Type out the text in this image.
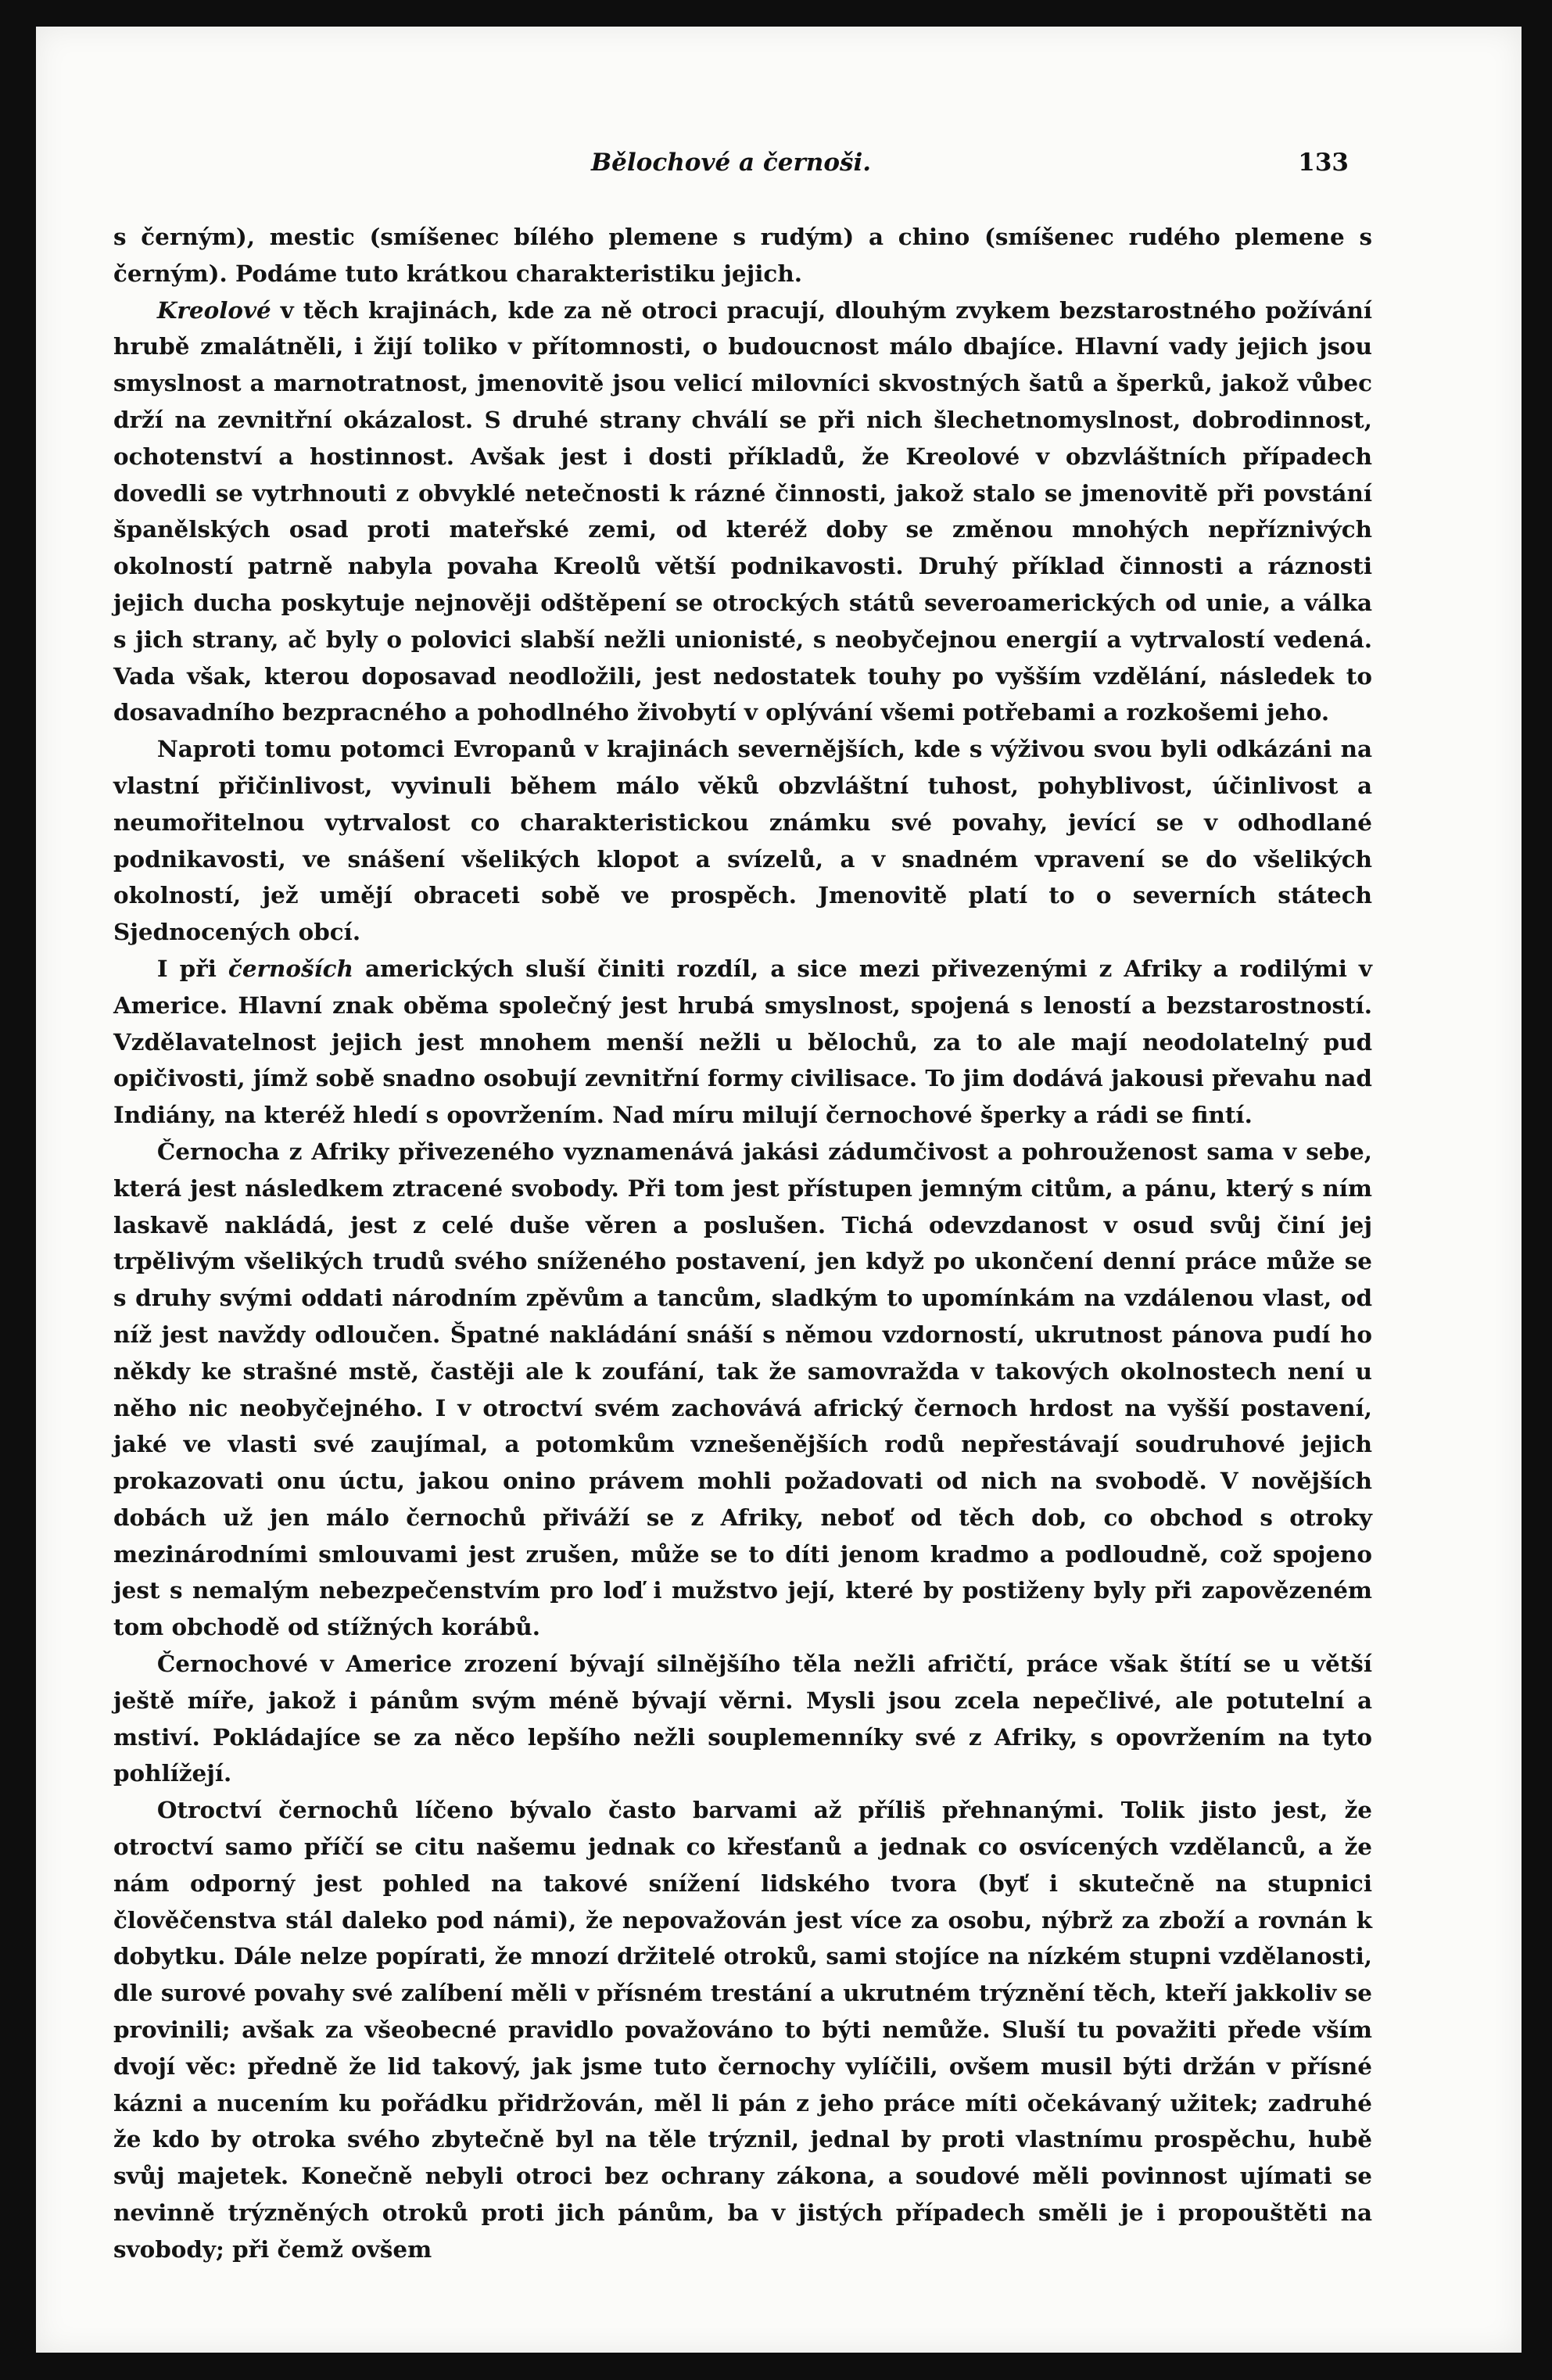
Bělochové a černoši.	133

s černým), mestic (smíšenec bílého plemene s rudým) a chino (smíšenec rudého plemene s černým). Podáme tuto krátkou charakteristiku jejich.

Kreolové v těch krajinách, kde za ně otroci pracují, dlouhým zvykem bezstarostného požívání hrubě zmalátněli, i žijí toliko v přítomnosti, o budoucnost málo dbajíce. Hlavní vady jejich jsou smyslnost a marnotratnost, jmenovitě jsou velicí milovníci skvostných šatů a šperků, jakož vůbec drží na zevnitřní okázalost. S druhé strany chválí se při nich šlechetnomyslnost, dobrodinnost, ochotenství a hostinnost. Avšak jest i dosti příkladů, že Kreolové v obzvláštních případech dovedli se vytrhnouti z obvyklé netečnosti k rázné činnosti, jakož stalo se jmenovitě při povstání španělských osad proti mateřské zemi, od kteréž doby se změnou mnohých nepříznivých okolností patrně nabyla povaha Kreolů větší podnikavosti. Druhý příklad činnosti a ráznosti jejich ducha poskytuje nejnověji odštěpení se otrockých států severoamerických od unie, a válka s jich strany, ač byly o polovici slabší nežli unionisté, s neobyčejnou energií a vytrvalostí vedená. Vada však, kterou doposavad neodložili, jest nedostatek touhy po vyšším vzdělání, následek to dosavadního bezpracného a pohodlného živobytí v oplývání všemi potřebami a rozkošemi jeho.

Naproti tomu potomci Evropanů v krajinách severnějších, kde s výživou svou byli odkázáni na vlastní přičinlivost, vyvinuli během málo věků obzvláštní tuhost, pohyblivost, účinlivost a neumořitelnou vytrvalost co charakteristickou známku své povahy, jevící se v odhodlané podnikavosti, ve snášení všelikých klopot a svízelů, a v snadném vpravení se do všelikých okolností, jež umějí obraceti sobě ve prospěch. Jmenovitě platí to o severních státech Sjednocených obcí.

I při černoších amerických sluší činiti rozdíl, a sice mezi přivezenými z Afriky a rodilými v Americe. Hlavní znak oběma společný jest hrubá smyslnost, spojená s leností a bezstarostností. Vzdělavatelnost jejich jest mnohem menší nežli u bělochů, za to ale mají neodolatelný pud opičivosti, jímž sobě snadno osobují zevnitřní formy civilisace. To jim dodává jakousi převahu nad Indiány, na kteréž hledí s opovržením. Nad míru milují černochové šperky a rádi se fintí.

Černocha z Afriky přivezeného vyznamenává jakási zádumčivost a pohrouženost sama v sebe, která jest následkem ztracené svobody. Při tom jest přístupen jemným citům, a pánu, který s ním laskavě nakládá, jest z celé duše věren a poslušen. Tichá odevzdanost v osud svůj činí jej trpělivým všelikých trudů svého sníženého postavení, jen když po ukončení denní práce může se s druhy svými oddati národním zpěvům a tancům, sladkým to upomínkám na vzdálenou vlast, od níž jest navždy odloučen. Špatné nakládání snáší s němou vzdorností, ukrutnost pánova pudí ho někdy ke strašné mstě, častěji ale k zoufání, tak že samovražda v takových okolnostech není u něho nic neobyčejného. I v otroctví svém zachovává africký černoch hrdost na vyšší postavení, jaké ve vlasti své zaujímal, a potomkům vznešenějších rodů nepřestávají soudruhové jejich prokazovati onu úctu, jakou onino právem mohli požadovati od nich na svobodě. V novějších dobách už jen málo černochů přiváží se z Afriky, neboť od těch dob, co obchod s otroky mezinárodními smlouvami jest zrušen, může se to díti jenom kradmo a podloudně, což spojeno jest s nemalým nebezpečenstvím pro loď i mužstvo její, které by postiženy byly při zapovězeném tom obchodě od stížných korábů.

Černochové v Americe zrození bývají silnějšího těla nežli afričtí, práce však štítí se u větší ještě míře, jakož i pánům svým méně bývají věrni. Mysli jsou zcela nepečlivé, ale potutelní a mstiví. Pokládajíce se za něco lepšího nežli souplemenníky své z Afriky, s opovržením na tyto pohlížejí.

Otroctví černochů líčeno bývalo často barvami až příliš přehnanými. Tolik jisto jest, že otroctví samo příčí se citu našemu jednak co křesťanů a jednak co osvícených vzdělanců, a že nám odporný jest pohled na takové snížení lidského tvora (byť i skutečně na stupnici člověčenstva stál daleko pod námi), že nepovažován jest více za osobu, nýbrž za zboží a rovnán k dobytku. Dále nelze popírati, že mnozí držitelé otroků, sami stojíce na nízkém stupni vzdělanosti, dle surové povahy své zalíbení měli v přísném trestání a ukrutném trýznění těch, kteří jakkoliv se provinili; avšak za všeobecné pravidlo považováno to býti nemůže. Sluší tu považiti přede vším dvojí věc: předně že lid takový, jak jsme tuto černochy vylíčili, ovšem musil býti držán v přísné kázni a nucením ku pořádku přidržován, měl li pán z jeho práce míti očekávaný užitek; zadruhé že kdo by otroka svého zbytečně byl na těle trýznil, jednal by proti vlastnímu prospěchu, hubě svůj majetek. Konečně nebyli otroci bez ochrany zákona, a soudové měli povinnost ujímati se nevinně trýzněných otroků proti jich pánům, ba v jistých případech směli je i propouštěti na svobody; při čemž ovšem
